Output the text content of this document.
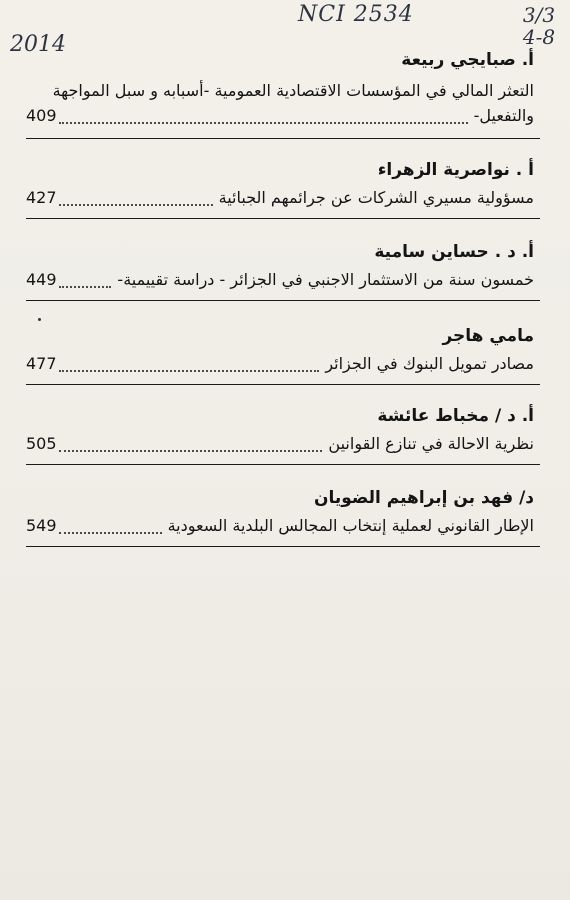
NCI 2534
2014
3/3
4-8
أ. صبايجي ربيعة
التعثر المالي في المؤسسات الاقتصادية العمومية -أسبابه و سبل المواجهة
والتفعيل-
409
أ . نواصرية الزهراء
مسؤولية مسيري الشركات عن جرائمهم الجبائية
427
أ. د . حساين سامية
خمسون سنة من الاستثمار الاجنبي في الجزائر - دراسة تقييمية-
449
مامي هاجر
مصادر تمويل البنوك في الجزائر
477
أ. د / مخباط عائشة
نظرية الاحالة في تنازع القوانين
505
د/ فهد بن إبراهيم الضويان
الإطار القانوني لعملية إنتخاب المجالس البلدية السعودية
549
